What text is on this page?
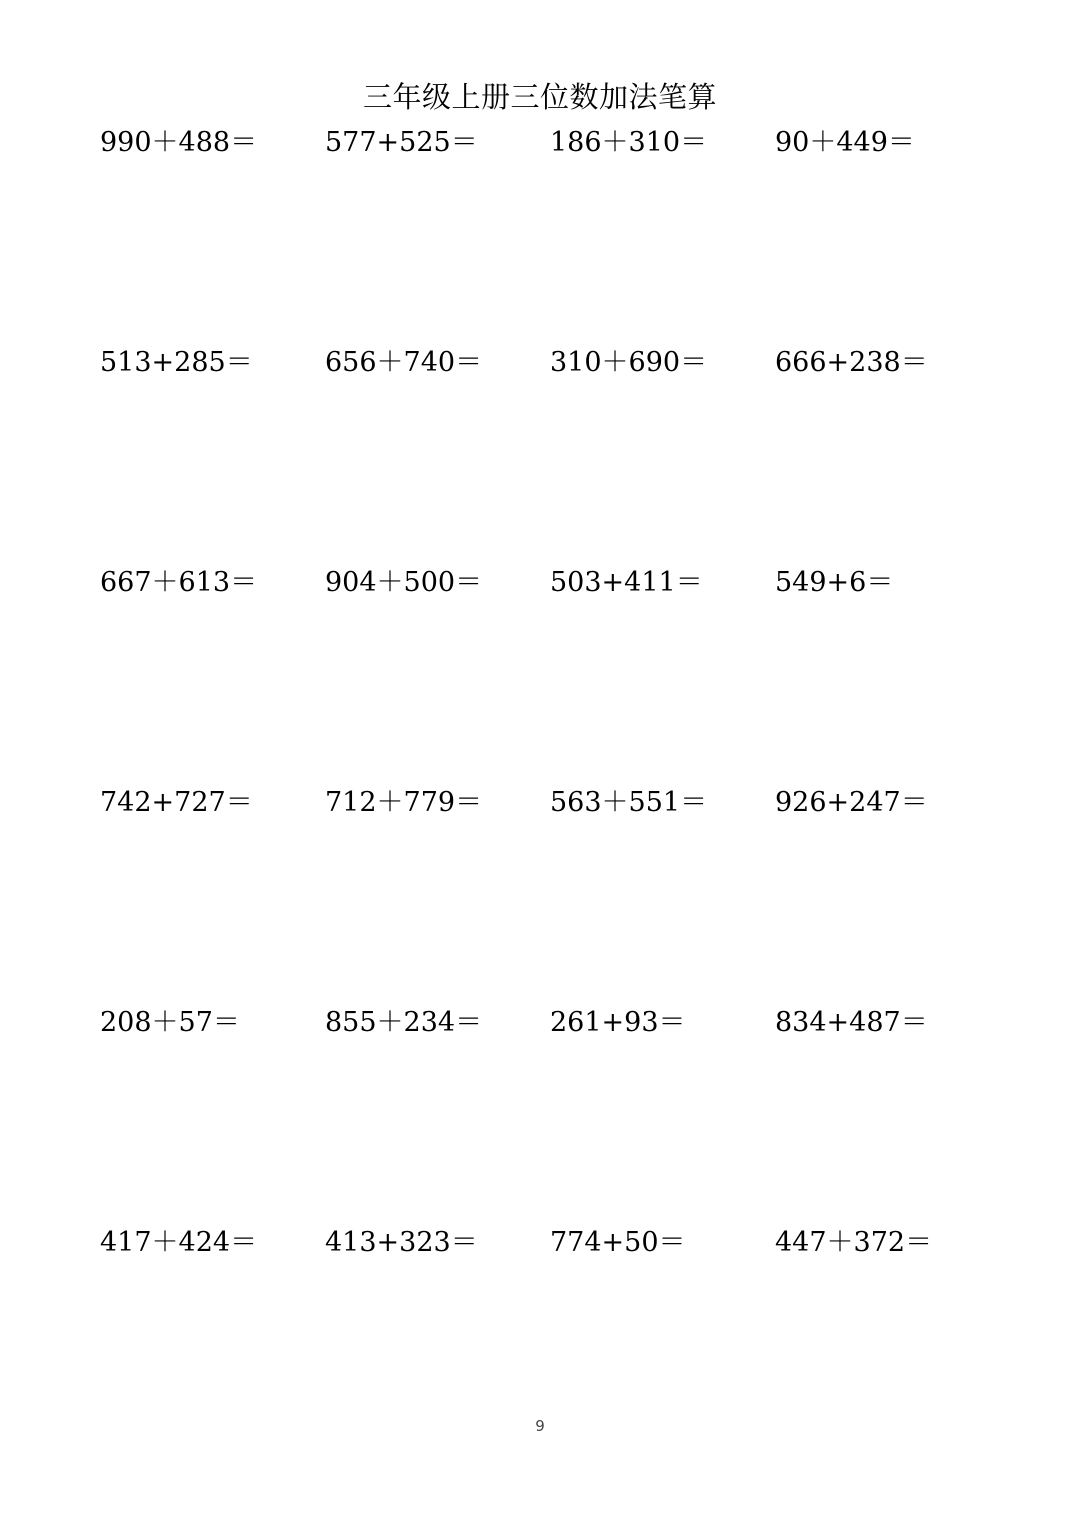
三年级上册三位数加法笔算
990＋488＝	577+525＝	186＋310＝	90＋449＝
513+285＝	656＋740＝	310＋690＝	666+238＝
667＋613＝	904＋500＝	503+411＝	549+6＝
742+727＝	712＋779＝	563＋551＝	926+247＝
208＋57＝	855＋234＝	261+93＝	834+487＝
417＋424＝	413+323＝	774+50＝	447＋372＝
9
